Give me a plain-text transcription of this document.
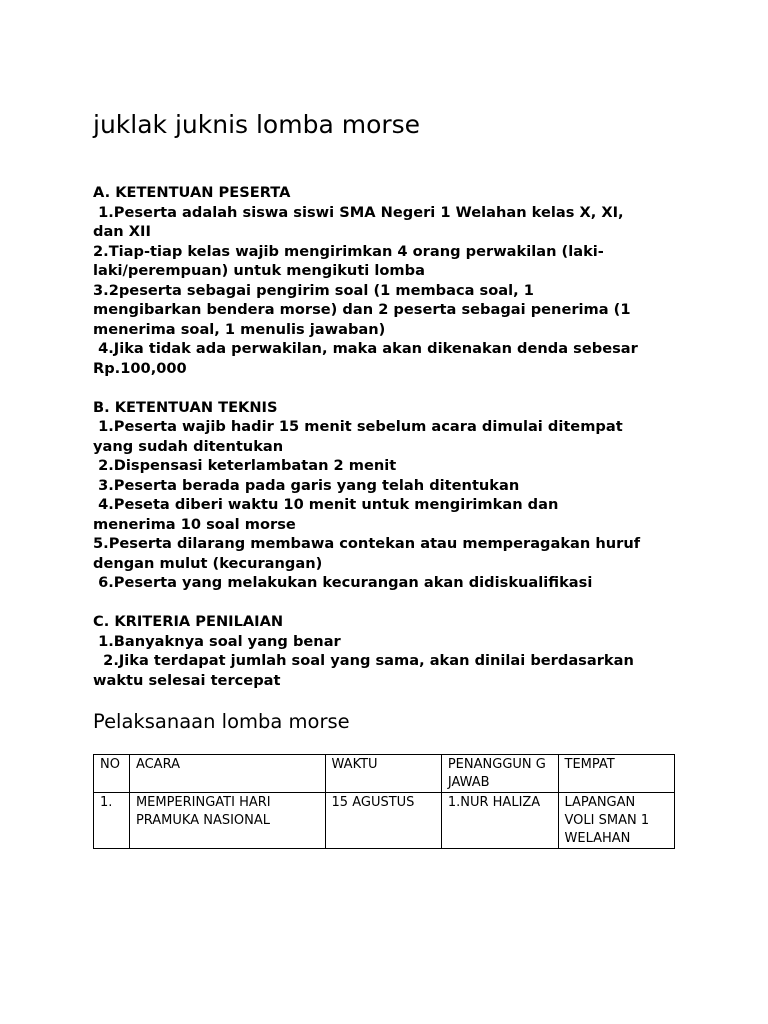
juklak juknis lomba morse

A. KETENTUAN PESERTA

1.Peserta adalah siswa siswi SMA Negeri 1 Welahan kelas X, XI,

dan XII

2.Tiap-tiap kelas wajib mengirimkan 4 orang perwakilan (laki-

laki/perempuan) untuk mengikuti lomba

3.2peserta sebagai pengirim soal (1 membaca soal, 1

mengibarkan bendera morse) dan 2 peserta sebagai penerima (1

menerima soal, 1 menulis jawaban)

4.Jika tidak ada perwakilan, maka akan dikenakan denda sebesar

Rp.100,000

B. KETENTUAN TEKNIS

1.Peserta wajib hadir 15 menit sebelum acara dimulai ditempat

yang sudah ditentukan

2.Dispensasi keterlambatan 2 menit

3.Peserta berada pada garis yang telah ditentukan

4.Peseta diberi waktu 10 menit untuk mengirimkan dan

menerima 10 soal morse

5.Peserta dilarang membawa contekan atau memperagakan huruf

dengan mulut (kecurangan)

6.Peserta yang melakukan kecurangan akan didiskualifikasi

C. KRITERIA PENILAIAN

1.Banyaknya soal yang benar

2.Jika terdapat jumlah soal yang sama, akan dinilai berdasarkan

waktu selesai tercepat

Pelaksanaan lomba morse
NO	ACARA	WAKTU	PENANGGUN G JAWAB	TEMPAT
1.	MEMPERINGATI HARI PRAMUKA NASIONAL	15 AGUSTUS	1.NUR HALIZA	LAPANGAN VOLI SMAN 1 WELAHAN
